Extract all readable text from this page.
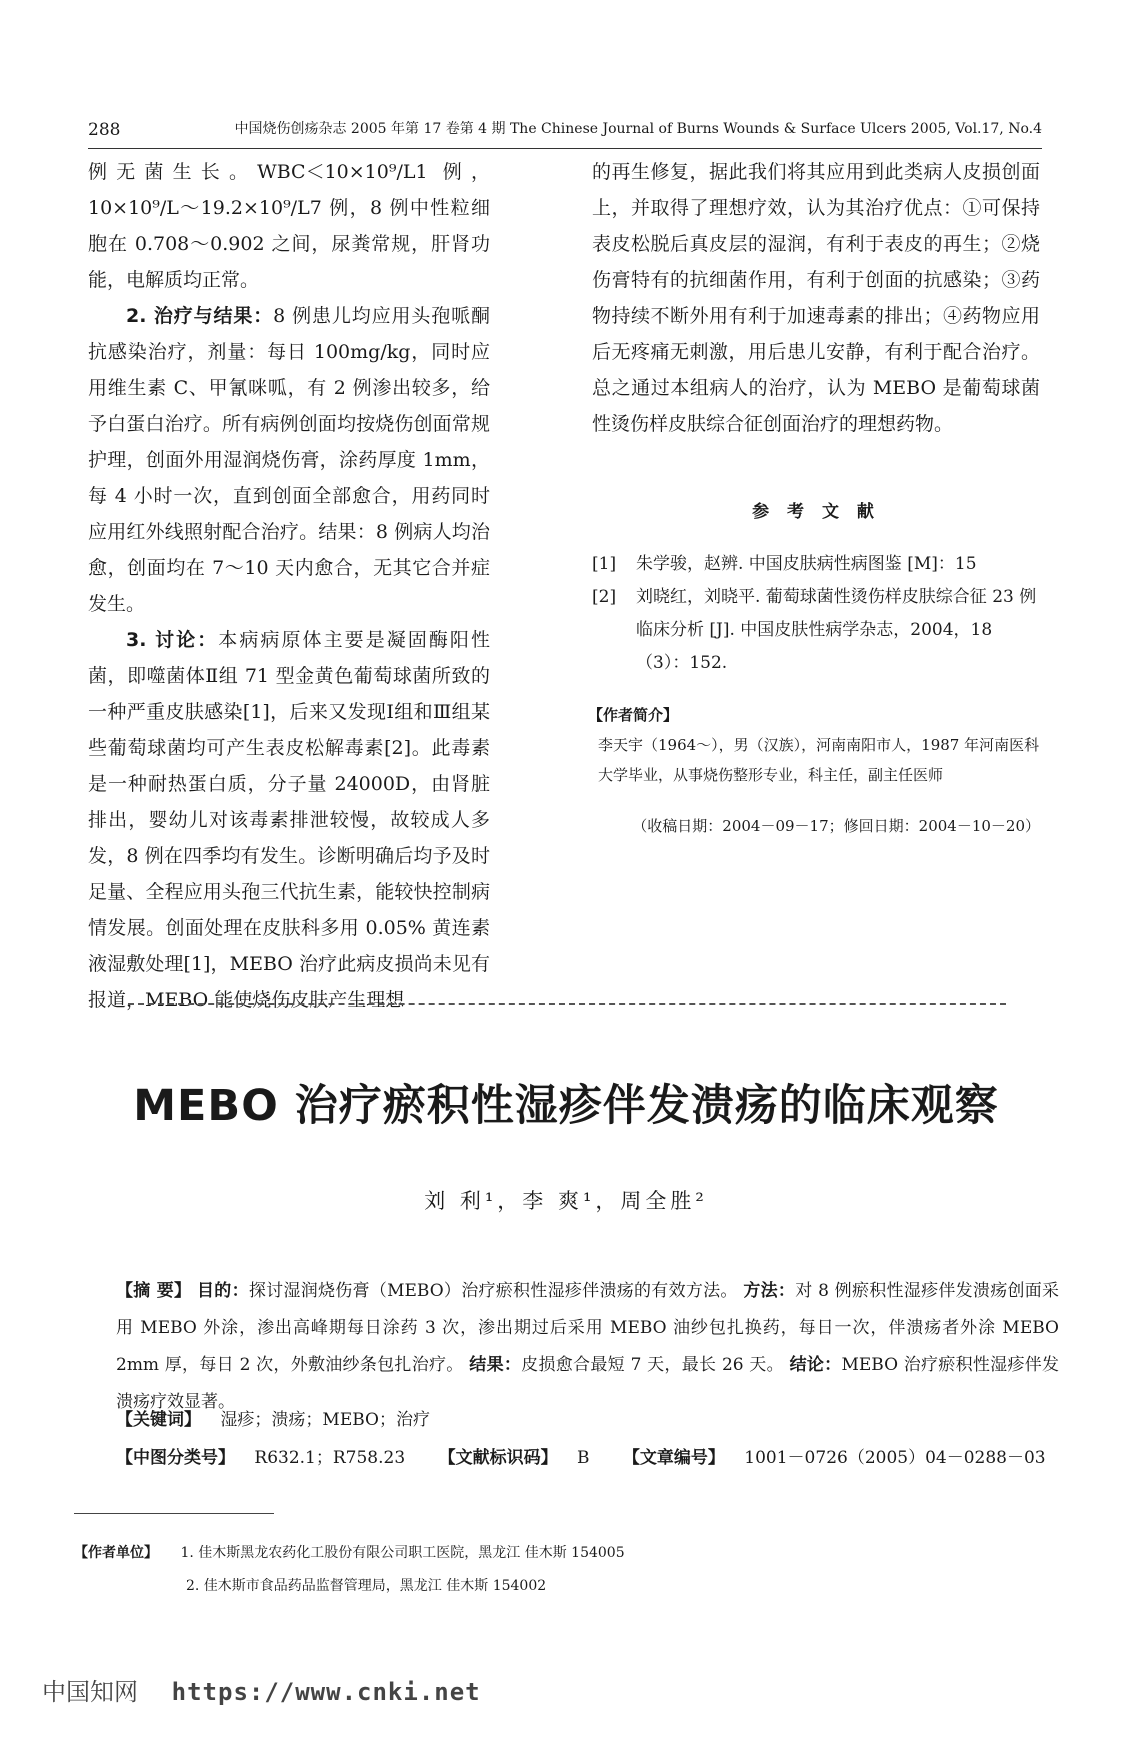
288	中国烧伤创疡杂志 2005 年第 17 卷第 4 期 The Chinese Journal of Burns Wounds & Surface Ulcers 2005, Vol.17, No.4

例无菌生长。WBC＜10×10⁹/L1 例，10×10⁹/L～19.2×10⁹/L7 例，8 例中性粒细胞在 0.708～0.902 之间，尿粪常规，肝肾功能，电解质均正常。

2. 治疗与结果：8 例患儿均应用头孢哌酮抗感染治疗，剂量：每日 100mg/kg，同时应用维生素 C、甲氰咪呱，有 2 例渗出较多，给予白蛋白治疗。所有病例创面均按烧伤创面常规护理，创面外用湿润烧伤膏，涂药厚度 1mm，每 4 小时一次，直到创面全部愈合，用药同时应用红外线照射配合治疗。结果：8 例病人均治愈，创面均在 7～10 天内愈合，无其它合并症发生。

3. 讨论：本病病原体主要是凝固酶阳性菌，即噬菌体Ⅱ组 71 型金黄色葡萄球菌所致的一种严重皮肤感染[1]，后来又发现Ⅰ组和Ⅲ组某些葡萄球菌均可产生表皮松解毒素[2]。此毒素是一种耐热蛋白质，分子量 24000D，由肾脏排出，婴幼儿对该毒素排泄较慢，故较成人多发，8 例在四季均有发生。诊断明确后均予及时足量、全程应用头孢三代抗生素，能较快控制病情发展。创面处理在皮肤科多用 0.05% 黄连素液湿敷处理[1]，MEBO 治疗此病皮损尚未见有报道，MEBO 能使烧伤皮肤产生理想

的再生修复，据此我们将其应用到此类病人皮损创面上，并取得了理想疗效，认为其治疗优点：①可保持表皮松脱后真皮层的湿润，有利于表皮的再生；②烧伤膏特有的抗细菌作用，有利于创面的抗感染；③药物持续不断外用有利于加速毒素的排出；④药物应用后无疼痛无刺激，用后患儿安静，有利于配合治疗。总之通过本组病人的治疗，认为 MEBO 是葡萄球菌性烫伤样皮肤综合征创面治疗的理想药物。

参 考 文 献
[1] 朱学骏，赵辨. 中国皮肤病性病图鉴 [M]：15
[2] 刘晓红，刘晓平. 葡萄球菌性烫伤样皮肤综合征 23 例临床分析 [J]. 中国皮肤性病学杂志，2004，18（3）：152.
【作者简介】
李天宇（1964～），男（汉族），河南南阳市人，1987 年河南医科大学毕业，从事烧伤整形专业，科主任，副主任医师
（收稿日期：2004－09－17；修回日期：2004－10－20）
MEBO 治疗瘀积性湿疹伴发溃疡的临床观察
刘 利¹，李 爽¹，周全胜²

【摘 要】 目的：探讨湿润烧伤膏（MEBO）治疗瘀积性湿疹伴溃疡的有效方法。 方法：对 8 例瘀积性湿疹伴发溃疡创面采用 MEBO 外涂，渗出高峰期每日涂药 3 次，渗出期过后采用 MEBO 油纱包扎换药，每日一次，伴溃疡者外涂 MEBO 2mm 厚，每日 2 次，外敷油纱条包扎治疗。 结果：皮损愈合最短 7 天，最长 26 天。 结论：MEBO 治疗瘀积性湿疹伴发溃疡疗效显著。

【关键词】 湿疹；溃疡；MEBO；治疗
【中图分类号】 R632.1；R758.23 【文献标识码】 B 【文章编号】 1001－0726（2005）04－0288－03
【作者单位】 1. 佳木斯黑龙农药化工股份有限公司职工医院，黑龙江 佳木斯 154005
2. 佳木斯市食品药品监督管理局，黑龙江 佳木斯 154002
中国知网 https://www.cnki.net
